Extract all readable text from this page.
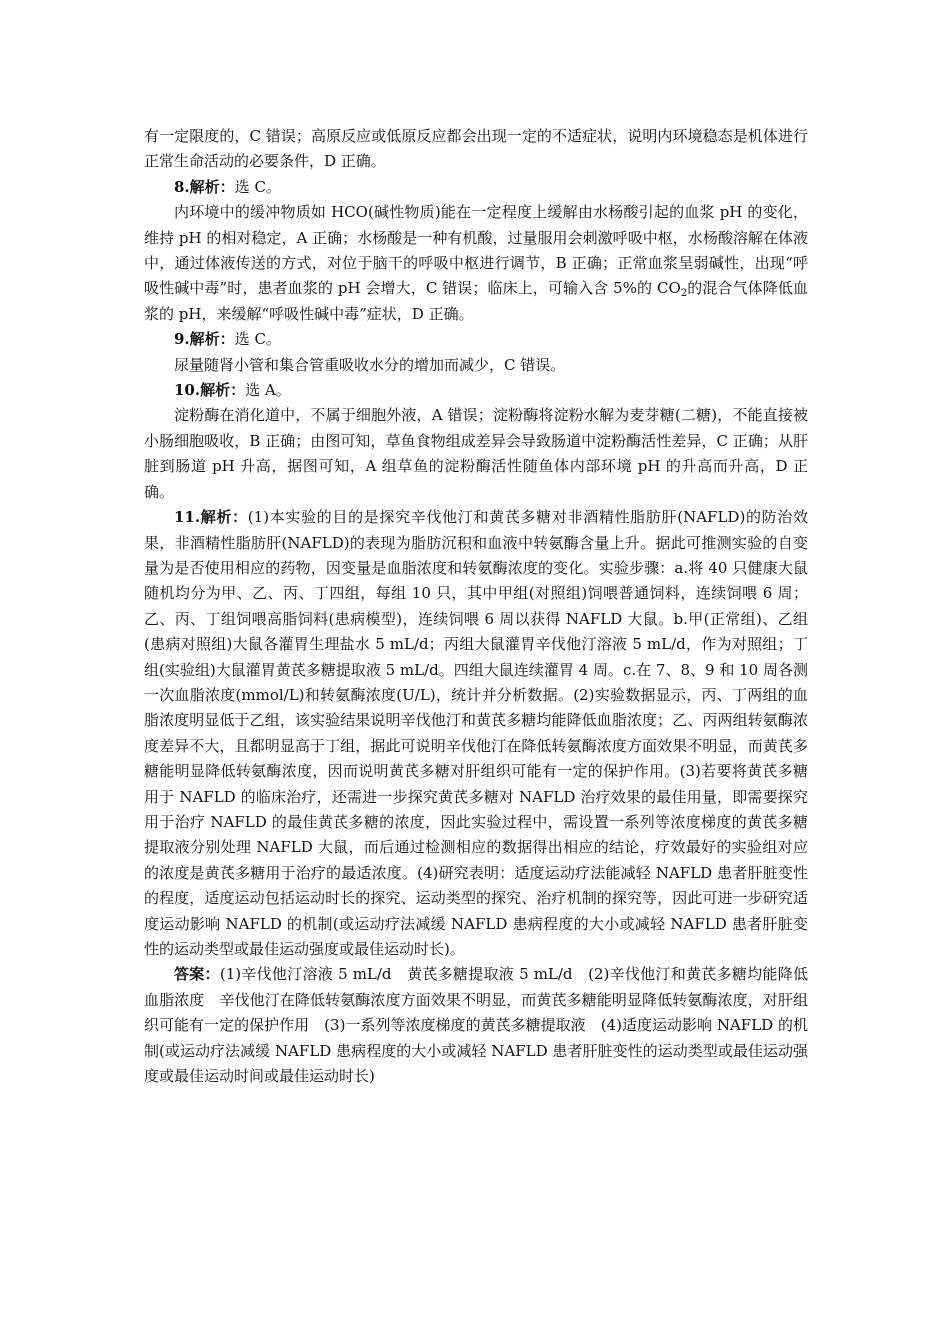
有一定限度的，C 错误；高原反应或低原反应都会出现一定的不适症状，说明内环境稳态是机体进行正常生命活动的必要条件，D 正确。

8.解析：选 C。

内环境中的缓冲物质如 HCO(碱性物质)能在一定程度上缓解由水杨酸引起的血浆 pH 的变化，维持 pH 的相对稳定，A 正确；水杨酸是一种有机酸，过量服用会刺激呼吸中枢，水杨酸溶解在体液中，通过体液传送的方式，对位于脑干的呼吸中枢进行调节，B 正确；正常血浆呈弱碱性，出现“呼吸性碱中毒”时，患者血浆的 pH 会增大，C 错误；临床上，可输入含 5%的 $CO_2$的混合气体降低血浆的 pH，来缓解“呼吸性碱中毒”症状，D 正确。

9.解析：选 C。

尿量随肾小管和集合管重吸收水分的增加而减少，C 错误。

10.解析：选 A。

淀粉酶在消化道中，不属于细胞外液，A 错误；淀粉酶将淀粉水解为麦芽糖(二糖)，不能直接被小肠细胞吸收，B 正确；由图可知，草鱼食物组成差异会导致肠道中淀粉酶活性差异，C 正确；从肝脏到肠道 pH 升高，据图可知，A 组草鱼的淀粉酶活性随鱼体内部环境 pH 的升高而升高，D 正确。

11.解析：(1)本实验的目的是探究辛伐他汀和黄芪多糖对非酒精性脂肪肝(NAFLD)的防治效果，非酒精性脂肪肝(NAFLD)的表现为脂肪沉积和血液中转氨酶含量上升。据此可推测实验的自变量为是否使用相应的药物，因变量是血脂浓度和转氨酶浓度的变化。实验步骤：a.将 40 只健康大鼠随机均分为甲、乙、丙、丁四组，每组 10 只，其中甲组(对照组)饲喂普通饲料，连续饲喂 6 周；乙、丙、丁组饲喂高脂饲料(患病模型)，连续饲喂 6 周以获得 NAFLD 大鼠。b.甲(正常组)、乙组(患病对照组)大鼠各灌胃生理盐水 5 mL/d；丙组大鼠灌胃辛伐他汀溶液 5 mL/d，作为对照组；丁组(实验组)大鼠灌胃黄芪多糖提取液 5 mL/d。四组大鼠连续灌胃 4 周。c.在 7、8、9 和 10 周各测一次血脂浓度(mmol/L)和转氨酶浓度(U/L)，统计并分析数据。(2)实验数据显示，丙、丁两组的血脂浓度明显低于乙组，该实验结果说明辛伐他汀和黄芪多糖均能降低血脂浓度；乙、丙两组转氨酶浓度差异不大，且都明显高于丁组，据此可说明辛伐他汀在降低转氨酶浓度方面效果不明显，而黄芪多糖能明显降低转氨酶浓度，因而说明黄芪多糖对肝组织可能有一定的保护作用。(3)若要将黄芪多糖用于 NAFLD 的临床治疗，还需进一步探究黄芪多糖对 NAFLD 治疗效果的最佳用量，即需要探究用于治疗 NAFLD 的最佳黄芪多糖的浓度，因此实验过程中，需设置一系列等浓度梯度的黄芪多糖提取液分别处理 NAFLD 大鼠，而后通过检测相应的数据得出相应的结论，疗效最好的实验组对应的浓度是黄芪多糖用于治疗的最适浓度。(4)研究表明：适度运动疗法能减轻 NAFLD 患者肝脏变性的程度，适度运动包括运动时长的探究、运动类型的探究、治疗机制的探究等，因此可进一步研究适度运动影响 NAFLD 的机制(或运动疗法减缓 NAFLD 患病程度的大小或减轻 NAFLD 患者肝脏变性的运动类型或最佳运动强度或最佳运动时长)。

答案：(1)辛伐他汀溶液 5 mL/d　黄芪多糖提取液 5 mL/d　(2)辛伐他汀和黄芪多糖均能降低血脂浓度　辛伐他汀在降低转氨酶浓度方面效果不明显，而黄芪多糖能明显降低转氨酶浓度，对肝组织可能有一定的保护作用　(3)一系列等浓度梯度的黄芪多糖提取液　(4)适度运动影响 NAFLD 的机制(或运动疗法减缓 NAFLD 患病程度的大小或减轻 NAFLD 患者肝脏变性的运动类型或最佳运动强度或最佳运动时间或最佳运动时长)
